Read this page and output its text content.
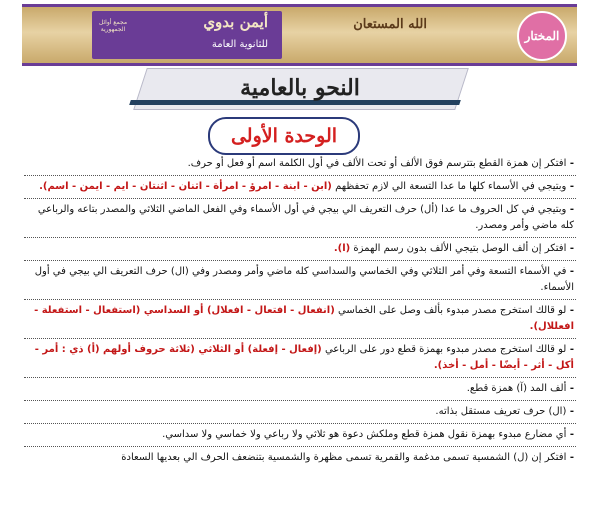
المختار
الله المستعان
أيمن بدوي
للثانوية العامة
مجمع أوائل الجمهورية
النحو بالعامية
الوحدة الأولى
- افتكر إن همزة القطع بتترسم فوق الألف أو تحت الألف في أول الكلمة اسم أو فعل أو حرف.
- وبتيجي في الأسماء كلها ما عدا التسعة الي لازم تحفظهم (ابن - ابنة - امرؤ - امرأة - اثنان - اثنتان - ايم - ايمن - اسم).
- وبتيجي في كل الحروف ما عدا (أل) حرف التعريف الي بيجي في أول الأسماء وفي الفعل الماضي الثلاثي والمصدر بتاعه والرباعي كله ماضي وأمر ومصدر.
- افتكر إن ألف الوصل بتيجي الألف بدون رسم الهمزة (ا).
- في الأسماء التسعة وفي أمر الثلاثي وفي الخماسي والسداسي كله ماضي وأمر ومصدر وفي (ال) حرف التعريف الي بيجي في أول الأسماء.
- لو قالك استخرج مصدر مبدوء بألف وصل على الخماسي (انفعال - افتعال - افعلال) أو السداسي (استفعال - استفعلة - افعللال).
- لو قالك استخرج مصدر مبدوء بهمزة قطع دور على الرباعي (إفعال - إفعلة) أو الثلاثي (ثلاثة حروف أولهم (أ) ذي : أمر - أكل - أثر - أيضًا - أمل - أخذ).
- ألف المد (آ) همزة قطع.
- (ال) حرف تعريف مستقل بذاته.
- أي مضارع مبدوء بهمزة نقول همزة قطع وملكش دعوة هو ثلاثي ولا رباعي ولا خماسي ولا سداسي.
- افتكر إن (ل) الشمسية تسمى مدغمة والقمرية تسمى مظهرة والشمسية بتنضعف الحرف الي بعديها السعادة
